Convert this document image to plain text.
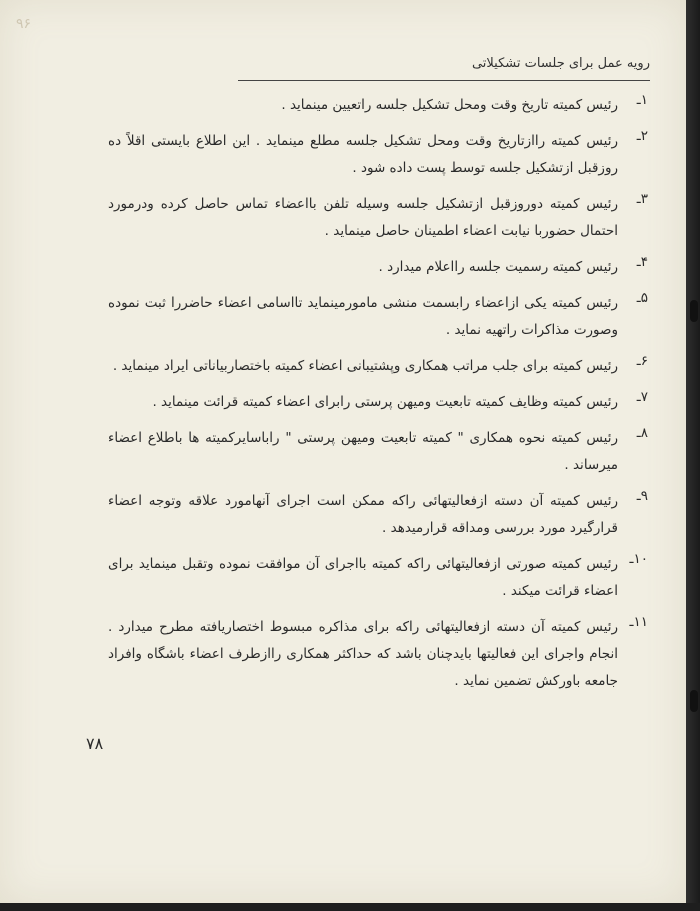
۹۶
رویه عمل برای جلسات تشکیلاتی
۱ـ
رئیس کمیته تاریخ وقت ومحل تشکیل جلسه راتعیین مینماید .
۲ـ
رئیس کمیته راازتاریخ وقت ومحل تشکیل جلسه مطلع مینماید . این اطلاع بایستی اقلاً ده روزقبل ازتشکیل جلسه توسط پست داده شود .
۳ـ
رئیس کمیته دوروزقبل ازتشکیل جلسه وسیله تلفن بااعضاء تماس حاصل کرده ودرمورد احتمال حضوربا نیابت اعضاء اطمینان حاصل مینماید .
۴ـ
رئیس کمیته رسمیت جلسه رااعلام میدارد .
۵ـ
رئیس کمیته یکی ازاعضاء رابسمت منشی مامورمینماید تااسامی اعضاء حاضررا ثبت نموده وصورت مذاکرات راتهیه نماید .
۶ـ
رئیس کمیته برای جلب مراتب همکاری وپشتیبانی اعضاء کمیته باختصاربیاناتی ایراد مینماید .
۷ـ
رئیس کمیته وظایف کمیته تابعیت ومیهن پرستی رابرای اعضاء کمیته قرائت مینماید .
۸ـ
رئیس کمیته نحوه همکاری " کمیته تابعیت ومیهن پرستی " راباسایرکمیته ها باطلاع اعضاء میرساند .
۹ـ
رئیس کمیته آن دسته ازفعالیتهائی راکه ممکن است اجرای آنهامورد علاقه وتوجه اعضاء قرارگیرد مورد بررسی ومداقه قرارمیدهد .
۱۰ـ
رئیس کمیته صورتی ازفعالیتهائی راکه کمیته بااجرای آن موافقت نموده وتقبل مینماید برای اعضاء قرائت میکند .
۱۱ـ
رئیس کمیته آن دسته ازفعالیتهائی راکه برای مذاکره مبسوط اختصاریافته مطرح میدارد . انجام واجرای این فعالیتها بایدچنان باشد که حداکثر همکاری راازطرف اعضاء باشگاه وافراد جامعه باورکش تضمین نماید .
۷۸
